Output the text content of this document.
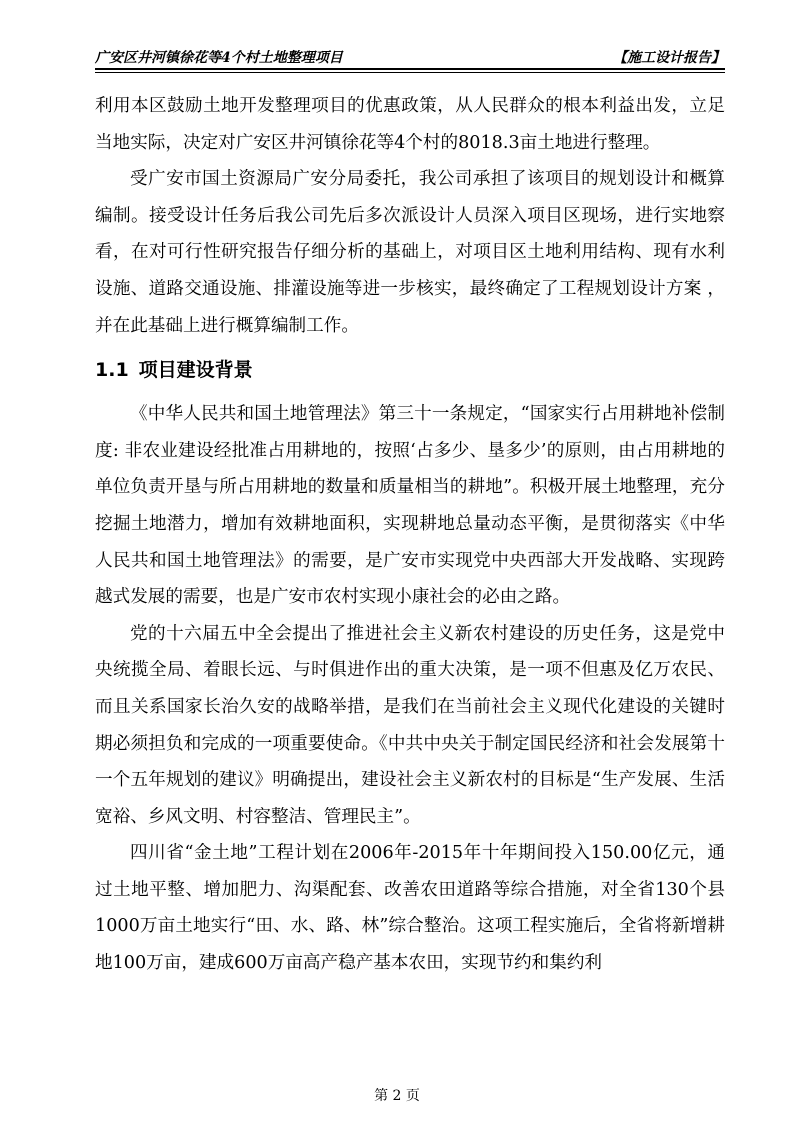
广安区井河镇徐花等4个村土地整理项目	【施工设计报告】

利用本区鼓励土地开发整理项目的优惠政策，从人民群众的根本利益出发，立足当地实际，决定对广安区井河镇徐花等4个村的8018.3亩土地进行整理。

受广安市国土资源局广安分局委托，我公司承担了该项目的规划设计和概算编制。接受设计任务后我公司先后多次派设计人员深入项目区现场，进行实地察看，在对可行性研究报告仔细分析的基础上，对项目区土地利用结构、现有水利设施、道路交通设施、排灌设施等进一步核实，最终确定了工程规划设计方案 ，并在此基础上进行概算编制工作。

1.1 项目建设背景

《中华人民共和国土地管理法》第三十一条规定，“国家实行占用耕地补偿制度: 非农业建设经批准占用耕地的，按照‘占多少、垦多少’的原则，由占用耕地的单位负责开垦与所占用耕地的数量和质量相当的耕地”。积极开展土地整理，充分挖掘土地潜力，增加有效耕地面积，实现耕地总量动态平衡，是贯彻落实《中华人民共和国土地管理法》的需要，是广安市实现党中央西部大开发战略、实现跨越式发展的需要，也是广安市农村实现小康社会的必由之路。

党的十六届五中全会提出了推进社会主义新农村建设的历史任务，这是党中央统揽全局、着眼长远、与时俱进作出的重大决策，是一项不但惠及亿万农民、而且关系国家长治久安的战略举措，是我们在当前社会主义现代化建设的关键时期必须担负和完成的一项重要使命。《中共中央关于制定国民经济和社会发展第十一个五年规划的建议》明确提出，建设社会主义新农村的目标是“生产发展、生活宽裕、乡风文明、村容整洁、管理民主”。

四川省“金土地”工程计划在2006年-2015年十年期间投入150.00亿元，通过土地平整、增加肥力、沟渠配套、改善农田道路等综合措施，对全省130个县1000万亩土地实行“田、水、路、林”综合整治。这项工程实施后，全省将新增耕地100万亩，建成600万亩高产稳产基本农田，实现节约和集约利

第 2 页
